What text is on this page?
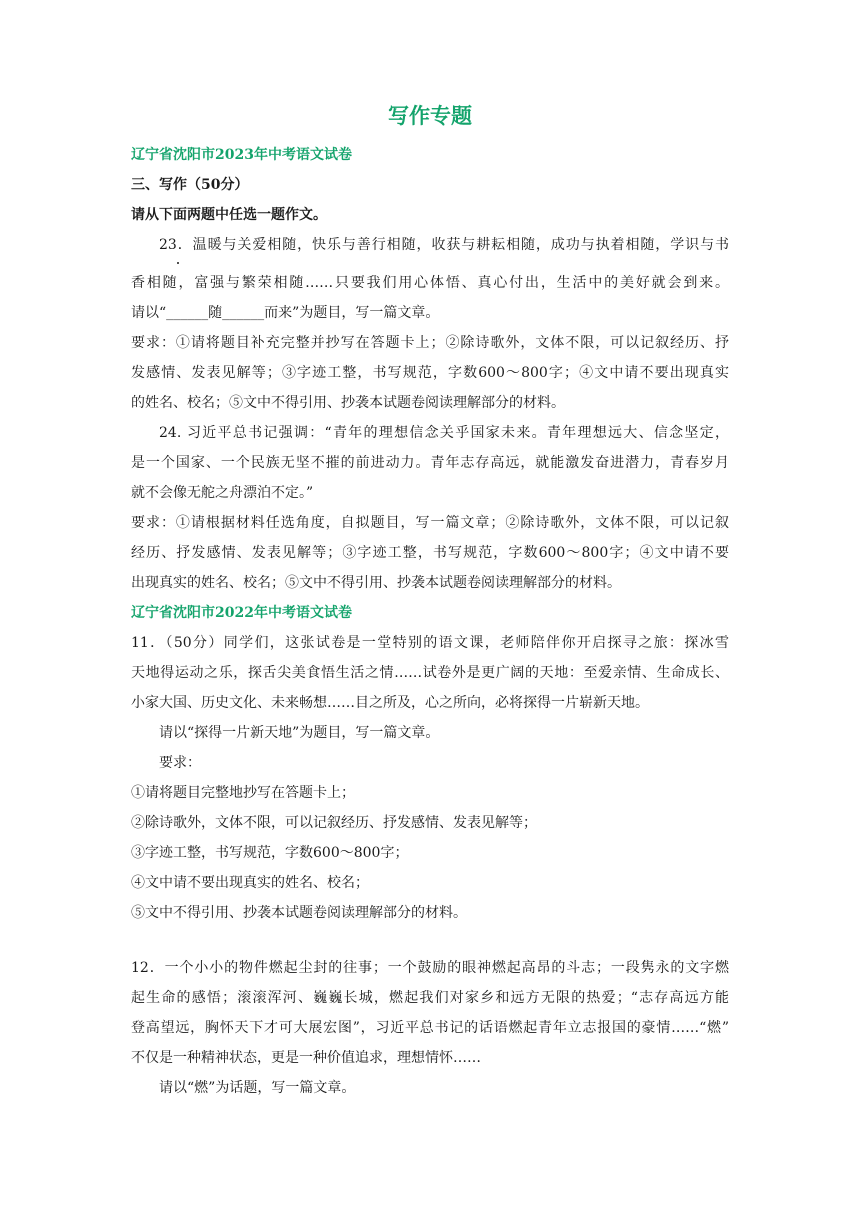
写作专题
辽宁省沈阳市2023年中考语文试卷
三、写作（50分）
请从下面两题中任选一题作文。
23．温暖与关爱相随，快乐与善行相随，收获与耕耘相随，成功与执着相随，学识与书
香相随，富强与繁荣相随……只要我们用心体悟、真心付出，生活中的美好就会到来。
请以“______随______而来”为题目，写一篇文章。
要求：①请将题目补充完整并抄写在答题卡上；②除诗歌外，文体不限，可以记叙经历、抒
发感情、发表见解等；③字迹工整，书写规范，字数600～800字；④文中请不要出现真实
的姓名、校名；⑤文中不得引用、抄袭本试题卷阅读理解部分的材料。
24. 习近平总书记强调：“青年的理想信念关乎国家未来。青年理想远大、信念坚定，
是一个国家、一个民族无坚不摧的前进动力。青年志存高远，就能激发奋进潜力，青春岁月
就不会像无舵之舟漂泊不定。”
要求：①请根据材料任选角度，自拟题目，写一篇文章；②除诗歌外，文体不限，可以记叙
经历、抒发感情、发表见解等；③字迹工整，书写规范，字数600～800字；④文中请不要
出现真实的姓名、校名；⑤文中不得引用、抄袭本试题卷阅读理解部分的材料。
辽宁省沈阳市2022年中考语文试卷
11．（50分）同学们，这张试卷是一堂特别的语文课，老师陪伴你开启探寻之旅：探冰雪
天地得运动之乐，探舌尖美食悟生活之情……试卷外是更广阔的天地：至爱亲情、生命成长、
小家大国、历史文化、未来畅想……目之所及，心之所向，必将探得一片崭新天地。
请以“探得一片新天地”为题目，写一篇文章。
要求：
①请将题目完整地抄写在答题卡上；
②除诗歌外，文体不限，可以记叙经历、抒发感情、发表见解等；
③字迹工整，书写规范，字数600～800字；
④文中请不要出现真实的姓名、校名；
⑤文中不得引用、抄袭本试题卷阅读理解部分的材料。
12．一个小小的物件燃起尘封的往事；一个鼓励的眼神燃起高昂的斗志；一段隽永的文字燃
起生命的感悟；滚滚浑河、巍巍长城，燃起我们对家乡和远方无限的热爱；“志存高远方能
登高望远，胸怀天下才可大展宏图”，习近平总书记的话语燃起青年立志报国的豪情……“燃”
不仅是一种精神状态，更是一种价值追求，理想情怀……
请以“燃”为话题，写一篇文章。
